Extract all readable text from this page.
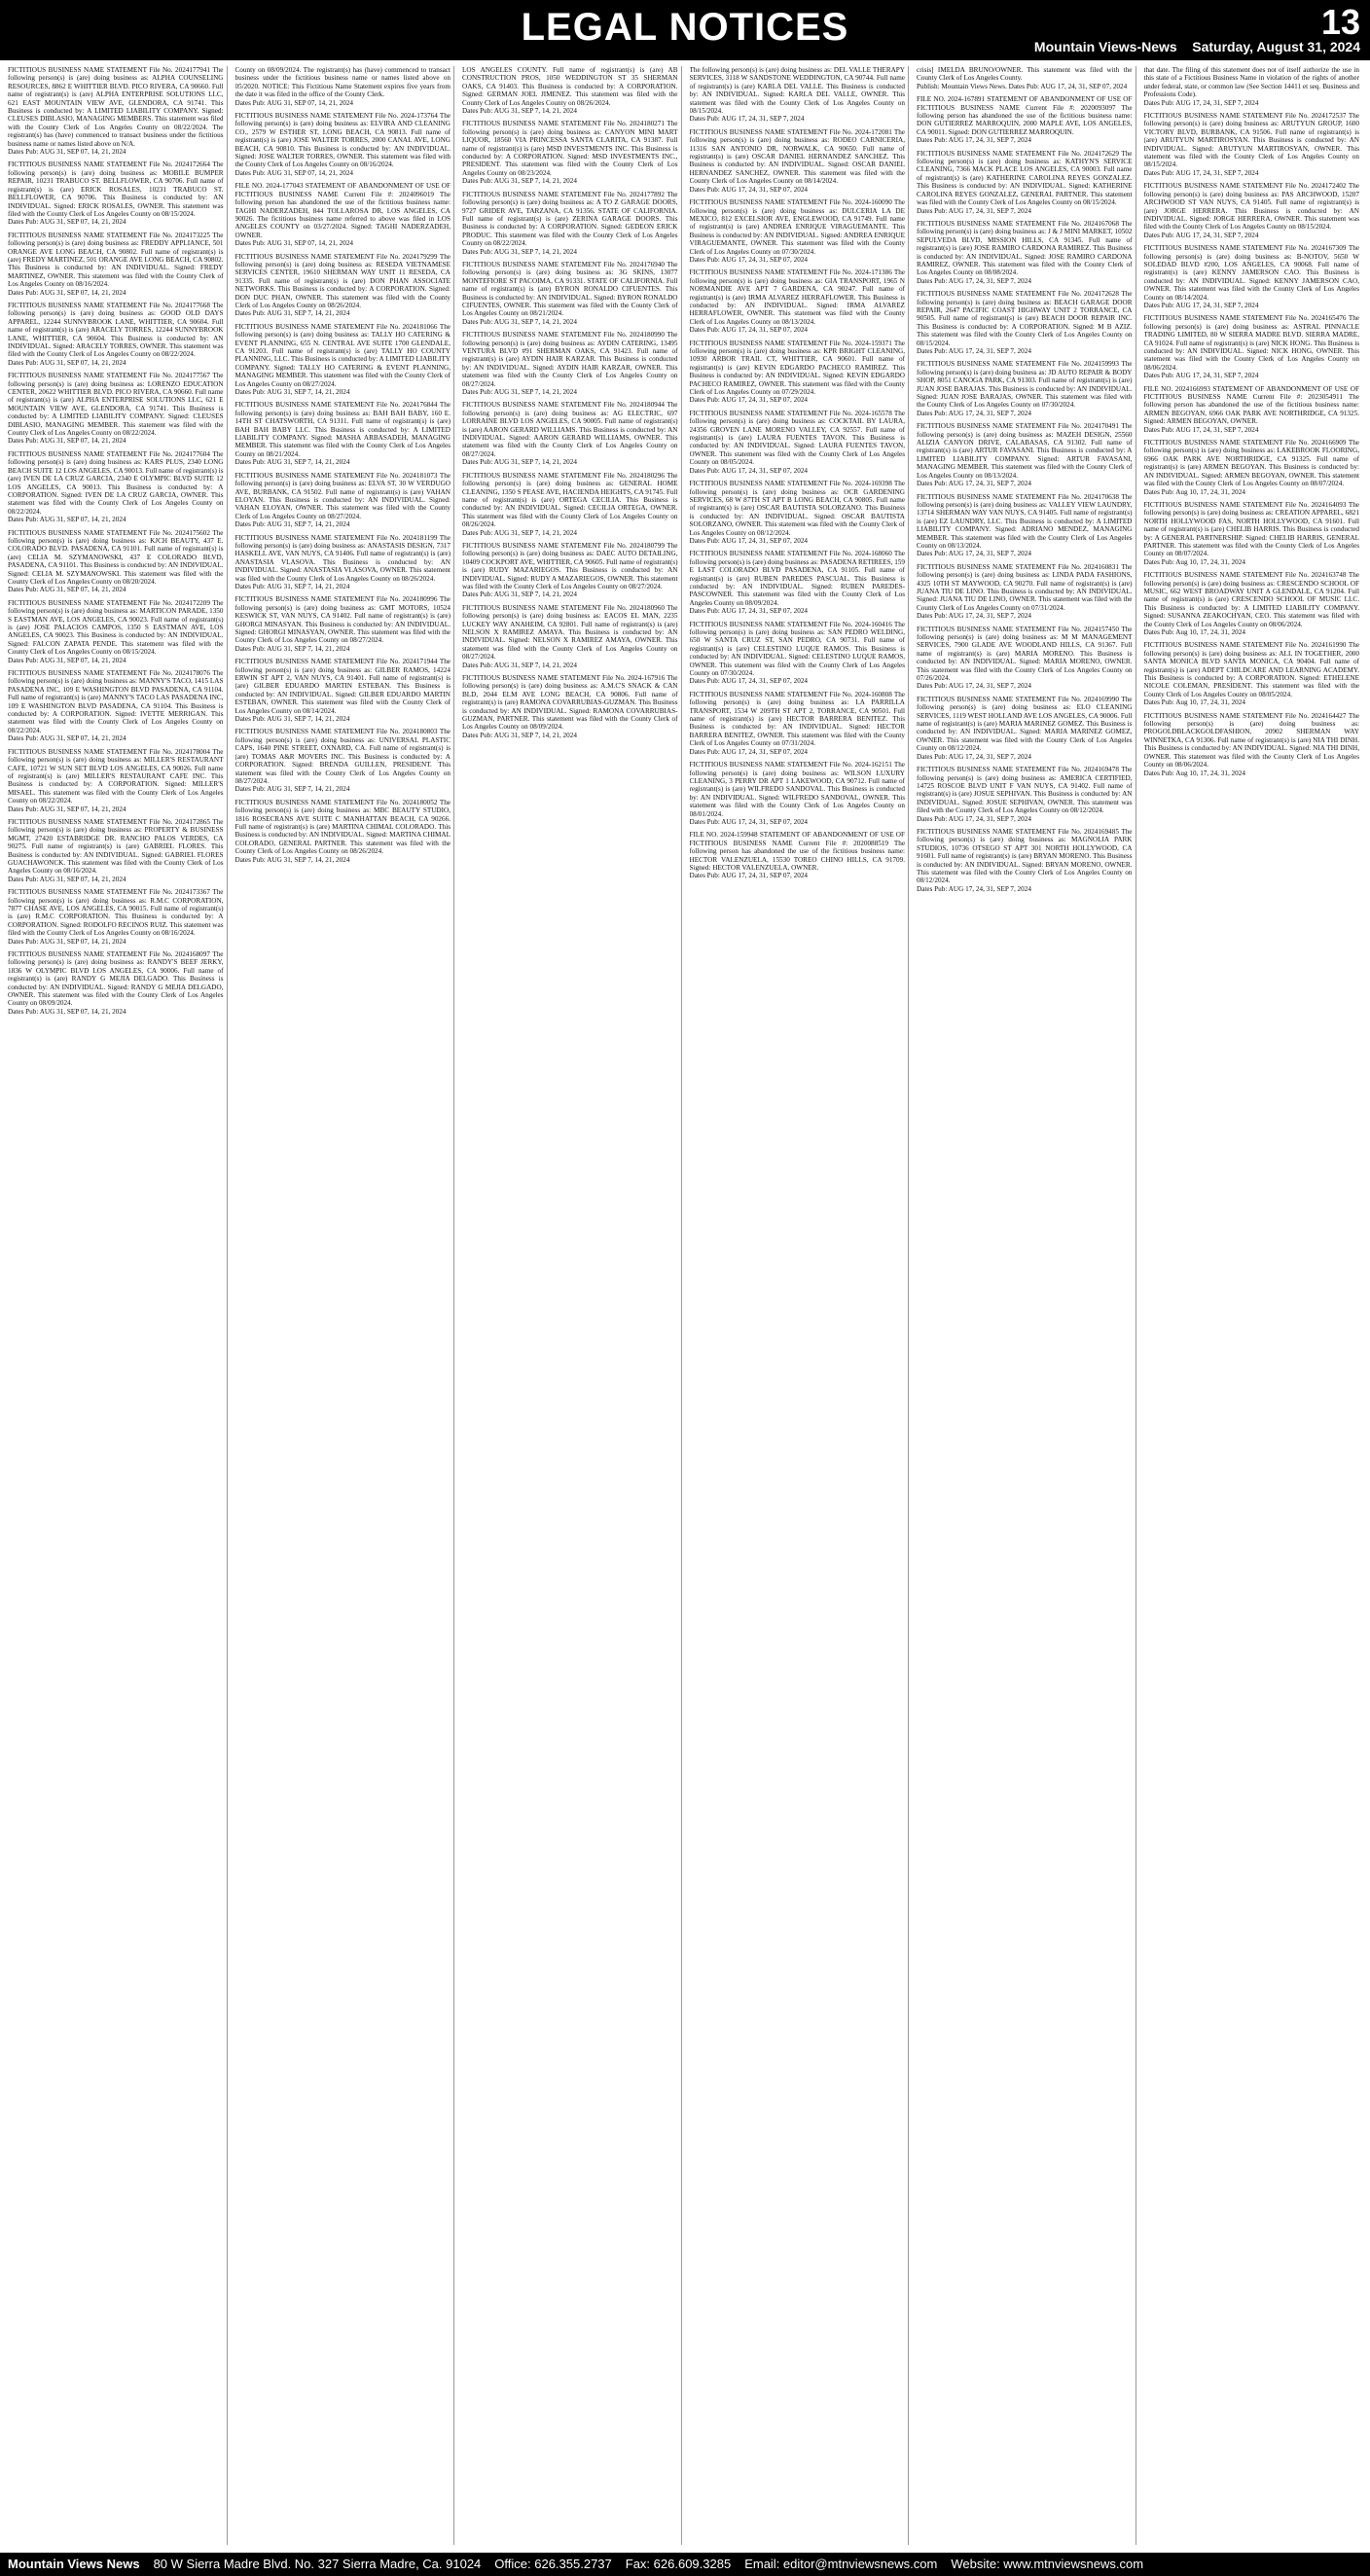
LEGAL NOTICES	13
Mountain Views-News Saturday, August 31, 2024
FICTITIOUS BUSINESS NAME STATEMENT File No. 2024177941 The following person(s) is (are) doing business as: ALPHA COUNSELING RESOURCES, 8862 E WHITTIER BLVD. PICO RIVERA, CA 90660. Full name of registrant(s) is (are) ALPHA ENTERPRISE SOLUTIONS LLC, 621 EAST MOUNTAIN VIEW AVE, GLENDORA, CA 91741. This Business is conducted by: A LIMITED LIABILITY COMPANY. Signed: CLEUSES DIBLASIO, MANAGING MEMBERS. This statement was filed with the County Clerk of Los Angeles County on 08/22/2024. The registrant(s) has (have) commenced to transact business under the fictitious business name or names listed above on N/A.
Dates Pub: AUG 31, SEP 07, 14, 21, 2024
FICTITIOUS BUSINESS NAME STATEMENT File No. 2024172664 The following person(s) is (are) doing business as: MOBILE BUMPER REPAIR, 10231 TRABUCO ST. BELLFLOWER, CA 90706. Full name of registrant(s) is (are) ERICK ROSALES, 10231 TRABUCO ST. BELLFLOWER, CA 90706. This Business is conducted by: AN INDIVIDUAL. Signed: ERICK ROSALES, OWNER. This statement was filed with the County Clerk of Los Angeles County on 08/15/2024.
Dates Pub: AUG 31, SEP 07, 14, 21, 2024
FICTITIOUS BUSINESS NAME STATEMENT File No. 2024173225 The following person(s) is (are) doing business as: FREDDY APPLIANCE, 501 ORANGE AVE LONG BEACH, CA 90802. Full name of registrant(s) is (are) FREDY MARTINEZ, 501 ORANGE AVE LONG BEACH, CA 90802. This Business is conducted by: AN INDIVIDUAL. Signed: FREDY MARTINEZ, OWNER. This statement was filed with the County Clerk of Los Angeles County on 08/16/2024.
Dates Pub: AUG 31, SEP 07, 14, 21, 2024
FICTITIOUS BUSINESS NAME STATEMENT File No. 2024177668 The following person(s) is (are) doing business as: GOOD OLD DAYS APPAREL, 12244 SUNNYBROOK LANE, WHITTIER, CA 90604. Full name of registrant(s) is (are) ARACELY TORRES, 12244 SUNNYBROOK LANE, WHITTIER, CA 90604. This Business is conducted by: AN INDIVIDUAL. Signed: ARACELY TORRES, OWNER. This statement was filed with the County Clerk of Los Angeles County on 08/22/2024.
Dates Pub: AUG 31, SEP 07, 14, 21, 2024
FICTITIOUS BUSINESS NAME STATEMENT File No. 2024177567 The following person(s) is (are) doing business as: LORENZO EDUCATION CENTER, 20622 WHITTIER BLVD. PICO RIVERA, CA 90660. Full name of registrant(s) is (are) ALPHA ENTERPRISE SOLUTIONS LLC, 621 E MOUNTAIN VIEW AVE, GLENDORA, CA 91741. This Business is conducted by: A LIMITED LIABILITY COMPANY. Signed: CLEUSES DIBLASIO, MANAGING MEMBER. This statement was filed with the County Clerk of Los Angeles County on 08/22/2024.
Dates Pub: AUG 31, SEP 07, 14, 21, 2024
FICTITIOUS BUSINESS NAME STATEMENT File No. 2024177604 The following person(s) is (are) doing business as: KARS PLUS, 2340 LONG BEACH SUITE 12 LOS ANGELES, CA 90013. Full name of registrant(s) is (are) IVEN DE LA CRUZ GARCIA, 2340 E OLYMPIC BLVD SUITE 12 LOS ANGELES, CA 90013. This Business is conducted by: A CORPORATION. Signed: IVEN DE LA CRUZ GARCIA, OWNER. This statement was filed with the County Clerk of Los Angeles County on 08/22/2024.
Dates Pub: AUG 31, SEP 07, 14, 21, 2024
FICTITIOUS BUSINESS NAME STATEMENT File No. 2024175602 The following person(s) is (are) doing business as: KJCH BEAUTY, 437 E. COLORADO BLVD. PASADENA, CA 91101. Full name of registrant(s) is (are) CELIA M. SZYMANOWSKI, 437 E COLORADO BLVD, PASADENA, CA 91101. This Business is conducted by: AN INDIVIDUAL. Signed: CELIA M. SZYMANOWSKI. This statement was filed with the County Clerk of Los Angeles County on 08/20/2024.
Dates Pub: AUG 31, SEP 07, 14, 21, 2024
FICTITIOUS BUSINESS NAME STATEMENT File No. 2024172209 The following person(s) is (are) doing business as: MARTICON PARADE, 1350 S EASTMAN AVE, LOS ANGELES, CA 90023. Full name of registrant(s) is (are) JOSE PALACIOS CAMPOS, 1350 S EASTMAN AVE, LOS ANGELES, CA 90023. This Business is conducted by: AN INDIVIDUAL. Signed: FALCON ZAPATA PENDE. This statement was filed with the County Clerk of Los Angeles County on 08/15/2024.
Dates Pub: AUG 31, SEP 07, 14, 21, 2024
FICTITIOUS BUSINESS NAME STATEMENT File No. 2024178076 The following person(s) is (are) doing business as: MANNY'S TACO, 1415 LAS PASADENA INC, 109 E WASHINGTON BLVD PASADENA, CA 91104. Full name of registrant(s) is (are) MANNY'S TACO LAS PASADENA INC, 109 E WASHINGTON BLVD PASADENA, CA 91104. This Business is conducted by: A CORPORATION. Signed: IVETTE MERRIGAN. This statement was filed with the County Clerk of Los Angeles County on 08/22/2024.
Dates Pub: AUG 31, SEP 07, 14, 21, 2024
FICTITIOUS BUSINESS NAME STATEMENT File No. 2024178004 The following person(s) is (are) doing business as: MILLER'S RESTAURANT CAFE, 10721 W SUN SET BLVD LOS ANGELES, CA 90026. Full name of registrant(s) is (are) MILLER'S RESTAURANT CAFE INC. This Business is conducted by: A CORPORATION. Signed: MILLER'S MISAEL. This statement was filed with the County Clerk of Los Angeles County on 08/22/2024.
Dates Pub: AUG 31, SEP 07, 14, 21, 2024
FICTITIOUS BUSINESS NAME STATEMENT File No. 2024172865 The following person(s) is (are) doing business as: PROPERTY & BUSINESS MGMT, 27420 ESTABRIDGE DR. RANCHO PALOS VERDES, CA 90275. Full name of registrant(s) is (are) GABRIEL FLORES. This Business is conducted by: AN INDIVIDUAL. Signed: GABRIEL FLORES GUACHAWONCK. This statement was filed with the County Clerk of Los Angeles County on 08/16/2024.
Dates Pub: AUG 31, SEP 07, 14, 21, 2024
FICTITIOUS BUSINESS NAME STATEMENT File No. 2024173367 The following person(s) is (are) doing business as: R.M.C CORPORATION, 7877 CHASE AVE, LOS ANGELES, CA 90015. Full name of registrant(s) is (are) R.M.C CORPORATION. This Business is conducted by: A CORPORATION. Signed: RODOLFO RECINOS RUIZ. This statement was filed with the County Clerk of Los Angeles County on 08/16/2024.
Dates Pub: AUG 31, SEP 07, 14, 21, 2024
FICTITIOUS BUSINESS NAME STATEMENT File No. 2024168097 The following person(s) is (are) doing business as: RANDY'S BEEF JERKY, 1836 W OLYMPIC BLVD LOS ANGELES, CA 90006. Full name of registrant(s) is (are) RANDY G MEJIA DELGADO. This Business is conducted by: AN INDIVIDUAL. Signed: RANDY G MEJIA DELGADO, OWNER. This statement was filed with the County Clerk of Los Angeles County on 08/09/2024.
Dates Pub: AUG 31, SEP 07, 14, 21, 2024
County on 08/09/2024. The registrant(s) has (have) commenced to transact business under the fictitious business name or names listed above on 05/2020. NOTICE: This Fictitious Name Statement expires five years from the date it was filed in the office of the County Clerk.
Dates Pub: AUG 31, SEP 07, 14, 21, 2024
FICTITIOUS BUSINESS NAME STATEMENT File No. 2024-173764 The following person(s) is (are) doing business as: ELVIRA AND CLEANING CO., 2579 W ESTHER ST, LONG BEACH, CA 90813. Full name of registrant(s) is (are) JOSE WALTER TORRES, 2000 CANAL AVE, LONG BEACH, CA 90810. This Business is conducted by: AN INDIVIDUAL. Signed: JOSE WALTER TORRES, OWNER. This statement was filed with the County Clerk of Los Angeles County on 08/16/2024.
Dates Pub: AUG 31, SEP 07, 14, 21, 2024
FILE NO. 2024-177043 STATEMENT OF ABANDONMENT OF USE OF FICTITIOUS BUSINESS NAME Current File #: 2024096019 The following person has abandoned the use of the fictitious business name: TAGHI NADERZADEH, 844 TOLLAROSA DR, LOS ANGELES, CA 90026. The fictitious business name referred to above was filed in LOS ANGELES COUNTY on 03/27/2024. Signed: TAGHI NADERZADEH, OWNER.
Dates Pub: AUG 31, SEP 07, 14, 21, 2024
FICTITIOUS BUSINESS NAME STATEMENT File No. 2024179299 The following person(s) is (are) doing business as: RESEDA VIETNAMESE SERVICES CENTER, 19610 SHERMAN WAY UNIT 11 RESEDA, CA 91335. Full name of registrant(s) is (are) DON PHAN ASSOCIATE NETWORKS. This Business is conducted by: A CORPORATION. Signed: DON DUC PHAN, OWNER. This statement was filed with the County Clerk of Los Angeles County on 08/26/2024.
Dates Pub: AUG 31, SEP 7, 14, 21, 2024
FICTITIOUS BUSINESS NAME STATEMENT File No. 2024181066 The following person(s) is (are) doing business as: TALLY HO CATERING & EVENT PLANNING, 655 N. CENTRAL AVE SUITE 1700 GLENDALE, CA 91203. Full name of registrant(s) is (are) TALLY HO COUNTY PLANNING, LLC. This Business is conducted by: A LIMITED LIABILITY COMPANY. Signed: TALLY HO CATERING & EVENT PLANNING, MANAGING MEMBER. This statement was filed with the County Clerk of Los Angeles County on 08/27/2024.
Dates Pub: AUG 31, SEP 7, 14, 21, 2024
FICTITIOUS BUSINESS NAME STATEMENT File No. 2024176844 The following person(s) is (are) doing business as: BAH BAH BABY, 160 E. 14TH ST CHATSWORTH, CA 91311. Full name of registrant(s) is (are) BAH BAH BABY LLC. This Business is conducted by: A LIMITED LIABILITY COMPANY. Signed: MASHA ARBASADEH, MANAGING MEMBER. This statement was filed with the County Clerk of Los Angeles County on 08/21/2024.
Dates Pub: AUG 31, SEP 7, 14, 21, 2024
FICTITIOUS BUSINESS NAME STATEMENT File No. 2024181073 The following person(s) is (are) doing business as: ELVA ST, 30 W VERDUGO AVE, BURBANK, CA 91502. Full name of registrant(s) is (are) VAHAN ELOYAN. This Business is conducted by: AN INDIVIDUAL. Signed: VAHAN ELOYAN, OWNER. This statement was filed with the County Clerk of Los Angeles County on 08/27/2024.
Dates Pub: AUG 31, SEP 7, 14, 21, 2024
FICTITIOUS BUSINESS NAME STATEMENT File No. 2024181199 The following person(s) is (are) doing business as: ANASTASIS DESIGN, 7317 HASKELL AVE, VAN NUYS, CA 91406. Full name of registrant(s) is (are) ANASTASIA VLASOVA. This Business is conducted by: AN INDIVIDUAL. Signed: ANASTASIA VLASOVA, OWNER. This statement was filed with the County Clerk of Los Angeles County on 08/26/2024.
Dates Pub: AUG 31, SEP 7, 14, 21, 2024
FICTITIOUS BUSINESS NAME STATEMENT File No. 2024180996 The following person(s) is (are) doing business as: GMT MOTORS, 10524 KESWICK ST, VAN NUYS, CA 91402. Full name of registrant(s) is (are) GHORGI MINASYAN. This Business is conducted by: AN INDIVIDUAL. Signed: GHORGI MINASYAN, OWNER. This statement was filed with the County Clerk of Los Angeles County on 08/27/2024.
Dates Pub: AUG 31, SEP 7, 14, 21, 2024
FICTITIOUS BUSINESS NAME STATEMENT File No. 2024171944 The following person(s) is (are) doing business as: GILBER RAMOS, 14224 ERWIN ST APT 2, VAN NUYS, CA 91401. Full name of registrant(s) is (are) GILBER EDUARDO MARTIN ESTEBAN. This Business is conducted by: AN INDIVIDUAL. Signed: GILBER EDUARDO MARTIN ESTEBAN, OWNER. This statement was filed with the County Clerk of Los Angeles County on 08/14/2024.
Dates Pub: AUG 31, SEP 7, 14, 21, 2024
FICTITIOUS BUSINESS NAME STATEMENT File No. 2024180803 The following person(s) is (are) doing business as: UNIVERSAL PLASTIC CAPS, 1640 PINE STREET, OXNARD, CA. Full name of registrant(s) is (are) TOMAS A&R MOVERS INC. This Business is conducted by: A CORPORATION. Signed: BRENDA GUILLEN, PRESIDENT. This statement was filed with the County Clerk of Los Angeles County on 08/27/2024.
Dates Pub: AUG 31, SEP 7, 14, 21, 2024
FICTITIOUS BUSINESS NAME STATEMENT File No. 2024180052 The following person(s) is (are) doing business as: MBC BEAUTY STUDIO, 1816 ROSECRANS AVE SUITE C MANHATTAN BEACH, CA 90266. Full name of registrant(s) is (are) MARTINA CHIMAL COLORADO. This Business is conducted by: AN INDIVIDUAL. Signed: MARTINA CHIMAL COLORADO, GENERAL PARTNER. This statement was filed with the County Clerk of Los Angeles County on 08/26/2024.
Dates Pub: AUG 31, SEP 7, 14, 21, 2024
LOS ANGELES COUNTY. Full name of registrant(s) is (are) AB CONSTRUCTION PROS, 1050 WEDDINGTON ST 35 SHERMAN OAKS, CA 91403. This Business is conducted by: A CORPORATION. Signed: GERMAN JOEL JIMENEZ. This statement was filed with the County Clerk of Los Angeles County on 08/26/2024.
Dates Pub: AUG 31, SEP 7, 14, 21, 2024
FICTITIOUS BUSINESS NAME STATEMENT File No. 2024180271 The following person(s) is (are) doing business as: CANYON MINI MART LIQUOR, 18560 VIA PRINCESSA SANTA CLARITA, CA 91387. Full name of registrant(s) is (are) MSD INVESTMENTS INC. This Business is conducted by: A CORPORATION. Signed: MSD INVESTMENTS INC., PRESIDENT. This statement was filed with the County Clerk of Los Angeles County on 08/23/2024.
Dates Pub: AUG 31, SEP 7, 14, 21, 2024
FICTITIOUS BUSINESS NAME STATEMENT File No. 2024177892 The following person(s) is (are) doing business as: A TO Z GARAGE DOORS, 9727 GRIDER AVE, TARZANA, CA 91356. STATE OF CALIFORNIA. Full name of registrant(s) is (are) ZERINA GARAGE DOORS. This Business is conducted by: A CORPORATION. Signed: GEDEON ERICK PRODUC. This statement was filed with the County Clerk of Los Angeles County on 08/22/2024.
Dates Pub: AUG 31, SEP 7, 14, 21, 2024
FICTITIOUS BUSINESS NAME STATEMENT File No. 2024176940 The following person(s) is (are) doing business as: 3G SKINS, 13077 MONTEFIORE ST PACOIMA, CA 91331. STATE OF CALIFORNIA. Full name of registrant(s) is (are) BYRON RONALDO CIFUENTES. This Business is conducted by: AN INDIVIDUAL. Signed: BYRON RONALDO CIFUENTES, OWNER. This statement was filed with the County Clerk of Los Angeles County on 08/21/2024.
Dates Pub: AUG 31, SEP 7, 14, 21, 2024
FICTITIOUS BUSINESS NAME STATEMENT File No. 2024180990 The following person(s) is (are) doing business as: AYDIN CATERING, 13495 VENTURA BLVD #91 SHERMAN OAKS, CA 91423. Full name of registrant(s) is (are) AYDIN HAIR KARZAR. This Business is conducted by: AN INDIVIDUAL. Signed: AYDIN HAIR KARZAR, OWNER. This statement was filed with the County Clerk of Los Angeles County on 08/27/2024.
Dates Pub: AUG 31, SEP 7, 14, 21, 2024
FICTITIOUS BUSINESS NAME STATEMENT File No. 2024180944 The following person(s) is (are) doing business as: AG ELECTRIC, 697 LORRAINE BLVD LOS ANGELES, CA 90005. Full name of registrant(s) is (are) AARON GERARD WILLIAMS. This Business is conducted by: AN INDIVIDUAL. Signed: AARON GERARD WILLIAMS, OWNER. This statement was filed with the County Clerk of Los Angeles County on 08/27/2024.
Dates Pub: AUG 31, SEP 7, 14, 21, 2024
FICTITIOUS BUSINESS NAME STATEMENT File No. 2024180296 The following person(s) is (are) doing business as: GENERAL HOME CLEANING, 1350 S PEASE AVE, HACIENDA HEIGHTS, CA 91745. Full name of registrant(s) is (are) ORTEGA CECILIA. This Business is conducted by: AN INDIVIDUAL. Signed: CECILIA ORTEGA, OWNER. This statement was filed with the County Clerk of Los Angeles County on 08/26/2024.
Dates Pub: AUG 31, SEP 7, 14, 21, 2024
FICTITIOUS BUSINESS NAME STATEMENT File No. 2024180799 The following person(s) is (are) doing business as: DAEC AUTO DETAILING, 10409 COCKPORT AVE, WHITTIER, CA 90605. Full name of registrant(s) is (are) RUDY MAZARIEGOS. This Business is conducted by: AN INDIVIDUAL. Signed: RUDY A MAZARIEGOS, OWNER. This statement was filed with the County Clerk of Los Angeles County on 08/27/2024.
Dates Pub: AUG 31, SEP 7, 14, 21, 2024
FICTITIOUS BUSINESS NAME STATEMENT File No. 2024180960 The following person(s) is (are) doing business as: EACOS EL MAN, 2235 LUCKEY WAY ANAHEIM, CA 92801. Full name of registrant(s) is (are) NELSON X RAMIREZ AMAYA. This Business is conducted by: AN INDIVIDUAL. Signed: NELSON X RAMIREZ AMAYA, OWNER. This statement was filed with the County Clerk of Los Angeles County on 08/27/2024.
Dates Pub: AUG 31, SEP 7, 14, 21, 2024
FICTITIOUS BUSINESS NAME STATEMENT File No. 2024-167916 The following person(s) is (are) doing business as: A.M.C'S SNACK & CAN BLD, 2044 ELM AVE LONG BEACH, CA 90806. Full name of registrant(s) is (are) RAMONA COVARRUBIAS-GUZMAN. This Business is conducted by: AN INDIVIDUAL. Signed: RAMONA COVARRUBIAS-GUZMAN, PARTNER. This statement was filed with the County Clerk of Los Angeles County on 08/09/2024.
Dates Pub: AUG 31, SEP 7, 14, 21, 2024
The following person(s) is (are) doing business as: DEL VALLE THERAPY SERVICES, 3118 W SANDSTONE WEDDINGTON, CA 90744. Full name of registrant(s) is (are) KARLA DEL VALLE. This Business is conducted by: AN INDIVIDUAL. Signed: KARLA DEL VALLE, OWNER. This statement was filed with the County Clerk of Los Angeles County on 08/15/2024.
Dates Pub: AUG 17, 24, 31, SEP 7, 2024
FICTITIOUS BUSINESS NAME STATEMENT File No. 2024-172081 The following person(s) is (are) doing business as: RODEO CARNICERIA, 11316 SAN ANTONIO DR, NORWALK, CA 90650. Full name of registrant(s) is (are) OSCAR DANIEL HERNANDEZ SANCHEZ. This Business is conducted by: AN INDIVIDUAL. Signed: OSCAR DANIEL HERNANDEZ SANCHEZ, OWNER. This statement was filed with the County Clerk of Los Angeles County on 08/14/2024.
Dates Pub: AUG 17, 24, 31, SEP 07, 2024
FICTITIOUS BUSINESS NAME STATEMENT File No. 2024-160090 The following person(s) is (are) doing business as: DULCERIA LA DE MEXICO, 812 EXCELSIOR AVE, ENGLEWOOD, CA 91749. Full name of registrant(s) is (are) ANDREA ENRIQUE VIRAGUEMANTE. This Business is conducted by: AN INDIVIDUAL. Signed: ANDREA ENRIQUE VIRAGUEMANTE, OWNER. This statement was filed with the County Clerk of Los Angeles County on 07/30/2024.
Dates Pub: AUG 17, 24, 31, SEP 07, 2024
FICTITIOUS BUSINESS NAME STATEMENT File No. 2024-171386 The following person(s) is (are) doing business as: GIA TRANSPORT, 1965 N NORMANDIE AVE APT 7 GARDENA, CA 90247. Full name of registrant(s) is (are) IRMA ALVAREZ HERRAFLOWER. This Business is conducted by: AN INDIVIDUAL. Signed: IRMA ALVAREZ HERRAFLOWER, OWNER. This statement was filed with the County Clerk of Los Angeles County on 08/13/2024.
Dates Pub: AUG 17, 24, 31, SEP 07, 2024
FICTITIOUS BUSINESS NAME STATEMENT File No. 2024-159371 The following person(s) is (are) doing business as: KPR BRIGHT CLEANING, 10930 ARBOR TRAIL CT, WHITTIER, CA 90601. Full name of registrant(s) is (are) KEVIN EDGARDO PACHECO RAMIREZ. This Business is conducted by: AN INDIVIDUAL. Signed: KEVIN EDGARDO PACHECO RAMIREZ, OWNER. This statement was filed with the County Clerk of Los Angeles County on 07/29/2024.
Dates Pub: AUG 17, 24, 31, SEP 07, 2024
FICTITIOUS BUSINESS NAME STATEMENT File No. 2024-165578 The following person(s) is (are) doing business as: COCKTAIL BY LAURA, 24356 GROVEN LANE MORENO VALLEY, CA 92557. Full name of registrant(s) is (are) LAURA FUENTES TAVON. This Business is conducted by: AN INDIVIDUAL. Signed: LAURA FUENTES TAVON, OWNER. This statement was filed with the County Clerk of Los Angeles County on 08/05/2024.
Dates Pub: AUG 17, 24, 31, SEP 07, 2024
FICTITIOUS BUSINESS NAME STATEMENT File No. 2024-169398 The following person(s) is (are) doing business as: OCR GARDENING SERVICES, 68 W 87TH ST APT B LONG BEACH, CA 90805. Full name of registrant(s) is (are) OSCAR BAUTISTA SOLORZANO. This Business is conducted by: AN INDIVIDUAL. Signed: OSCAR BAUTISTA SOLORZANO, OWNER. This statement was filed with the County Clerk of Los Angeles County on 08/12/2024.
Dates Pub: AUG 17, 24, 31, SEP 07, 2024
FICTITIOUS BUSINESS NAME STATEMENT File No. 2024-168060 The following person(s) is (are) doing business as: PASADENA RETIREES, 159 E LAST COLORADO BLVD PASADENA, CA 91105. Full name of registrant(s) is (are) RUBEN PAREDES PASCUAL. This Business is conducted by: AN INDIVIDUAL. Signed: RUBEN PAREDES-PASCOWNER. This statement was filed with the County Clerk of Los Angeles County on 08/09/2024.
Dates Pub: AUG 17, 24, 31, SEP 07, 2024
FICTITIOUS BUSINESS NAME STATEMENT File No. 2024-160416 The following person(s) is (are) doing business as: SAN PEDRO WELDING, 650 W SANTA CRUZ ST, SAN PEDRO, CA 90731. Full name of registrant(s) is (are) CELESTINO LUQUE RAMOS. This Business is conducted by: AN INDIVIDUAL. Signed: CELESTINO LUQUE RAMOS, OWNER. This statement was filed with the County Clerk of Los Angeles County on 07/30/2024.
Dates Pub: AUG 17, 24, 31, SEP 07, 2024
FICTITIOUS BUSINESS NAME STATEMENT File No. 2024-160808 The following person(s) is (are) doing business as: LA PARRILLA TRANSPORT, 1534 W 209TH ST APT 2, TORRANCE, CA 90501. Full name of registrant(s) is (are) HECTOR BARRERA BENITEZ. This Business is conducted by: AN INDIVIDUAL. Signed: HECTOR BARRERA BENITEZ, OWNER. This statement was filed with the County Clerk of Los Angeles County on 07/31/2024.
Dates Pub: AUG 17, 24, 31, SEP 07, 2024
FICTITIOUS BUSINESS NAME STATEMENT File No. 2024-162151 The following person(s) is (are) doing business as: WILSON LUXURY CLEANING, 3 PERRY DR APT 1 LAKEWOOD, CA 90712. Full name of registrant(s) is (are) WILFREDO SANDOVAL. This Business is conducted by: AN INDIVIDUAL. Signed: WILFREDO SANDOVAL, OWNER. This statement was filed with the County Clerk of Los Angeles County on 08/01/2024.
Dates Pub: AUG 17, 24, 31, SEP 07, 2024
FILE NO. 2024-159948 STATEMENT OF ABANDONMENT OF USE OF FICTITIOUS BUSINESS NAME Current File #: 2020088519 The following person has abandoned the use of the fictitious business name: HECTOR VALENZUELA, 15530 TOREO CHINO HILLS, CA 91709. Signed: HECTOR VALENZUELA, OWNER.
Dates Pub: AUG 17, 24, 31, SEP 07, 2024
crisis] IMELDA BRUNO/OWNER. This statement was filed with the County Clerk of Los Angeles County.
Publish: Mountain Views News. Dates Pub: AUG 17, 24, 31, SEP 07, 2024
FILE NO. 2024-167891 STATEMENT OF ABANDONMENT OF USE OF FICTITIOUS BUSINESS NAME Current File #: 2020093097 The following person has abandoned the use of the fictitious business name: DON GUTIERREZ MARROQUIN, 2000 MAPLE AVE, LOS ANGELES, CA 90011. Signed: DON GUTIERREZ MARROQUIN.
Dates Pub: AUG 17, 24, 31, SEP 7, 2024
FICTITIOUS BUSINESS NAME STATEMENT File No. 2024172629 The following person(s) is (are) doing business as: KATHYN'S SERVICE CLEANING, 7366 MACK PLACE LOS ANGELES, CA 90003. Full name of registrant(s) is (are) KATHERINE CAROLINA REYES GONZALEZ. This Business is conducted by: AN INDIVIDUAL. Signed: KATHERINE CAROLINA REYES GONZALEZ, GENERAL PARTNER. This statement was filed with the County Clerk of Los Angeles County on 08/15/2024.
Dates Pub: AUG 17, 24, 31, SEP 7, 2024
FICTITIOUS BUSINESS NAME STATEMENT File No. 2024167068 The following person(s) is (are) doing business as: J & J MINI MARKET, 10502 SEPULVEDA BLVD, MISSION HILLS, CA 91345. Full name of registrant(s) is (are) JOSE RAMIRO CARDONA RAMIREZ. This Business is conducted by: AN INDIVIDUAL. Signed: JOSE RAMIRO CARDONA RAMIREZ, OWNER. This statement was filed with the County Clerk of Los Angeles County on 08/08/2024.
Dates Pub: AUG 17, 24, 31, SEP 7, 2024
FICTITIOUS BUSINESS NAME STATEMENT File No. 2024172628 The following person(s) is (are) doing business as: BEACH GARAGE DOOR REPAIR, 2647 PACIFIC COAST HIGHWAY UNIT 2 TORRANCE, CA 90505. Full name of registrant(s) is (are) BEACH DOOR REPAIR INC. This Business is conducted by: A CORPORATION. Signed: M B AZIZ. This statement was filed with the County Clerk of Los Angeles County on 08/15/2024.
Dates Pub: AUG 17, 24, 31, SEP 7, 2024
FICTITIOUS BUSINESS NAME STATEMENT File No. 2024159993 The following person(s) is (are) doing business as: JD AUTO REPAIR & BODY SHOP, 8051 CANOGA PARK, CA 91303. Full name of registrant(s) is (are) JUAN JOSE BARAJAS. This Business is conducted by: AN INDIVIDUAL. Signed: JUAN JOSE BARAJAS, OWNER. This statement was filed with the County Clerk of Los Angeles County on 07/30/2024.
Dates Pub: AUG 17, 24, 31, SEP 7, 2024
FICTITIOUS BUSINESS NAME STATEMENT File No. 2024170491 The following person(s) is (are) doing business as: MAZEH DESIGN, 25560 ALIZIA CANYON DRIVE, CALABASAS, CA 91302. Full name of registrant(s) is (are) ARTUR FAVASANI. This Business is conducted by: A LIMITED LIABILITY COMPANY. Signed: ARTUR FAVASANI, MANAGING MEMBER. This statement was filed with the County Clerk of Los Angeles County on 08/13/2024.
Dates Pub: AUG 17, 24, 31, SEP 7, 2024
FICTITIOUS BUSINESS NAME STATEMENT File No. 2024170638 The following person(s) is (are) doing business as: VALLEY VIEW LAUNDRY, 13714 SHERMAN WAY VAN NUYS, CA 91405. Full name of registrant(s) is (are) EZ LAUNDRY, LLC. This Business is conducted by: A LIMITED LIABILITY COMPANY. Signed: ADRIANO MENDEZ, MANAGING MEMBER. This statement was filed with the County Clerk of Los Angeles County on 08/13/2024.
Dates Pub: AUG 17, 24, 31, SEP 7, 2024
FICTITIOUS BUSINESS NAME STATEMENT File No. 2024160831 The following person(s) is (are) doing business as: LINDA PADA FASHIONS, 4325 10TH ST MAYWOOD, CA 90270. Full name of registrant(s) is (are) JUANA TIU DE LINO. This Business is conducted by: AN INDIVIDUAL. Signed: JUANA TIU DE LINO, OWNER. This statement was filed with the County Clerk of Los Angeles County on 07/31/2024.
Dates Pub: AUG 17, 24, 31, SEP 7, 2024
FICTITIOUS BUSINESS NAME STATEMENT File No. 2024157450 The following person(s) is (are) doing business as: M M MANAGEMENT SERVICES, 7900 GLADE AVE WOODLAND HILLS, CA 91367. Full name of registrant(s) is (are) MARIA MORENO. This Business is conducted by: AN INDIVIDUAL. Signed: MARIA MORENO, OWNER. This statement was filed with the County Clerk of Los Angeles County on 07/26/2024.
Dates Pub: AUG 17, 24, 31, SEP 7, 2024
FICTITIOUS BUSINESS NAME STATEMENT File No. 2024169990 The following person(s) is (are) doing business as: ELO CLEANING SERVICES, 1119 WEST HOLLAND AVE LOS ANGELES, CA 90006. Full name of registrant(s) is (are) MARIA MARINEZ GOMEZ. This Business is conducted by: AN INDIVIDUAL. Signed: MARIA MARINEZ GOMEZ, OWNER. This statement was filed with the County Clerk of Los Angeles County on 08/12/2024.
Dates Pub: AUG 17, 24, 31, SEP 7, 2024
FICTITIOUS BUSINESS NAME STATEMENT File No. 2024169478 The following person(s) is (are) doing business as: AMERICA CERTIFIED, 14725 ROSCOE BLVD UNIT F VAN NUYS, CA 91402. Full name of registrant(s) is (are) JOSUE SEPHIVAN. This Business is conducted by: AN INDIVIDUAL. Signed: JOSUE SEPHIVAN, OWNER. This statement was filed with the County Clerk of Los Angeles County on 08/12/2024.
Dates Pub: AUG 17, 24, 31, SEP 7, 2024
FICTITIOUS BUSINESS NAME STATEMENT File No. 2024169485 The following person(s) is (are) doing business as: MAGNOLIA PARK STUDIOS, 10736 OTSEGO ST APT 301 NORTH HOLLYWOOD, CA 91601. Full name of registrant(s) is (are) BRYAN MORENO. This Business is conducted by: AN INDIVIDUAL. Signed: BRYAN MORENO, OWNER. This statement was filed with the County Clerk of Los Angeles County on 08/12/2024.
Dates Pub: AUG 17, 24, 31, SEP 7, 2024
that date. The filing of this statement does not of itself authorize the use in this state of a Fictitious Business Name in violation of the rights of another under federal, state, or common law (See Section 14411 et seq. Business and Professions Code).
Dates Pub: AUG 17, 24, 31, SEP 7, 2024
FICTITIOUS BUSINESS NAME STATEMENT File No. 2024172537 The following person(s) is (are) doing business as: ARUTYUN GROUP, 1600 VICTORY BLVD, BURBANK, CA 91506. Full name of registrant(s) is (are) ARUTYUN MARTIROSYAN. This Business is conducted by: AN INDIVIDUAL. Signed: ARUTYUN MARTIROSYAN, OWNER. This statement was filed with the County Clerk of Los Angeles County on 08/15/2024.
Dates Pub: AUG 17, 24, 31, SEP 7, 2024
FICTITIOUS BUSINESS NAME STATEMENT File No. 2024172402 The following person(s) is (are) doing business as: PAS ARCHWOOD, 15207 ARCHWOOD ST VAN NUYS, CA 91405. Full name of registrant(s) is (are) JORGE HERRERA. This Business is conducted by: AN INDIVIDUAL. Signed: JORGE HERRERA, OWNER. This statement was filed with the County Clerk of Los Angeles County on 08/15/2024.
Dates Pub: AUG 17, 24, 31, SEP 7, 2024
FICTITIOUS BUSINESS NAME STATEMENT File No. 2024167309 The following person(s) is (are) doing business as: B-NOTOV, 5650 W SOLEDAD BLVD #200, LOS ANGELES, CA 90068. Full name of registrant(s) is (are) KENNY JAMERSON CAO. This Business is conducted by: AN INDIVIDUAL. Signed: KENNY JAMERSON CAO, OWNER. This statement was filed with the County Clerk of Los Angeles County on 08/14/2024.
Dates Pub: AUG 17, 24, 31, SEP 7, 2024
FICTITIOUS BUSINESS NAME STATEMENT File No. 2024165476 The following person(s) is (are) doing business as: ASTRAL PINNACLE TRADING LIMITED, 80 W SIERRA MADRE BLVD. SIERRA MADRE, CA 91024. Full name of registrant(s) is (are) NICK HONG. This Business is conducted by: AN INDIVIDUAL. Signed: NICK HONG, OWNER. This statement was filed with the County Clerk of Los Angeles County on 08/06/2024.
Dates Pub: AUG 17, 24, 31, SEP 7, 2024
FILE NO. 2024166993 STATEMENT OF ABANDONMENT OF USE OF FICTITIOUS BUSINESS NAME Current File #: 2023054911 The following person has abandoned the use of the fictitious business name: ARMEN BEGOYAN, 6966 OAK PARK AVE NORTHRIDGE, CA 91325. Signed: ARMEN BEGOYAN, OWNER.
Dates Pub: AUG 17, 24, 31, SEP 7, 2024
FICTITIOUS BUSINESS NAME STATEMENT File No. 2024166909 The following person(s) is (are) doing business as: LAKEBROOK FLOORING, 6966 OAK PARK AVE NORTHRIDGE, CA 91325. Full name of registrant(s) is (are) ARMEN BEGOYAN. This Business is conducted by: AN INDIVIDUAL. Signed: ARMEN BEGOYAN, OWNER. This statement was filed with the County Clerk of Los Angeles County on 08/07/2024.
Dates Pub: Aug 10, 17, 24, 31, 2024
FICTITIOUS BUSINESS NAME STATEMENT File No. 2024164093 The following person(s) is (are) doing business as: CREATION APPAREL, 6821 NORTH HOLLYWOOD FAS, NORTH HOLLYWOOD, CA 91601. Full name of registrant(s) is (are) CHELIB HARRIS. This Business is conducted by: A GENERAL PARTNERSHIP. Signed: CHELIB HARRIS, GENERAL PARTNER. This statement was filed with the County Clerk of Los Angeles County on 08/07/2024.
Dates Pub: Aug 10, 17, 24, 31, 2024
FICTITIOUS BUSINESS NAME STATEMENT File No. 2024163748 The following person(s) is (are) doing business as: CRESCENDO SCHOOL OF MUSIC, 662 WEST BROADWAY UNIT A GLENDALE, CA 91204. Full name of registrant(s) is (are) CRESCENDO SCHOOL OF MUSIC LLC. This Business is conducted by: A LIMITED LIABILITY COMPANY. Signed: SUSANNA ZEAKOCHYAN, CEO. This statement was filed with the County Clerk of Los Angeles County on 08/06/2024.
Dates Pub: Aug 10, 17, 24, 31, 2024
FICTITIOUS BUSINESS NAME STATEMENT File No. 2024161990 The following person(s) is (are) doing business as: ALL IN TOGETHER, 2000 SANTA MONICA BLVD SANTA MONICA, CA 90404. Full name of registrant(s) is (are) ADEPT CHILDCARE AND LEARNING ACADEMY. This Business is conducted by: A CORPORATION. Signed: ETHELENE NICOLE COLEMAN, PRESIDENT. This statement was filed with the County Clerk of Los Angeles County on 08/05/2024.
Dates Pub: Aug 10, 17, 24, 31, 2024
FICTITIOUS BUSINESS NAME STATEMENT File No. 2024164427 The following person(s) is (are) doing business as: PROGOLDBLACKGOLDFASHION, 20902 SHERMAN WAY WINNETKA, CA 91306. Full name of registrant(s) is (are) NIA THI DINH. This Business is conducted by: AN INDIVIDUAL. Signed: NIA THI DINH, OWNER. This statement was filed with the County Clerk of Los Angeles County on 08/06/2024.
Dates Pub: Aug 10, 17, 24, 31, 2024
Mountain Views News 80 W Sierra Madre Blvd. No. 327 Sierra Madre, Ca. 91024 Office: 626.355.2737 Fax: 626.609.3285 Email: editor@mtnviewsnews.com Website: www.mtnviewsnews.com
